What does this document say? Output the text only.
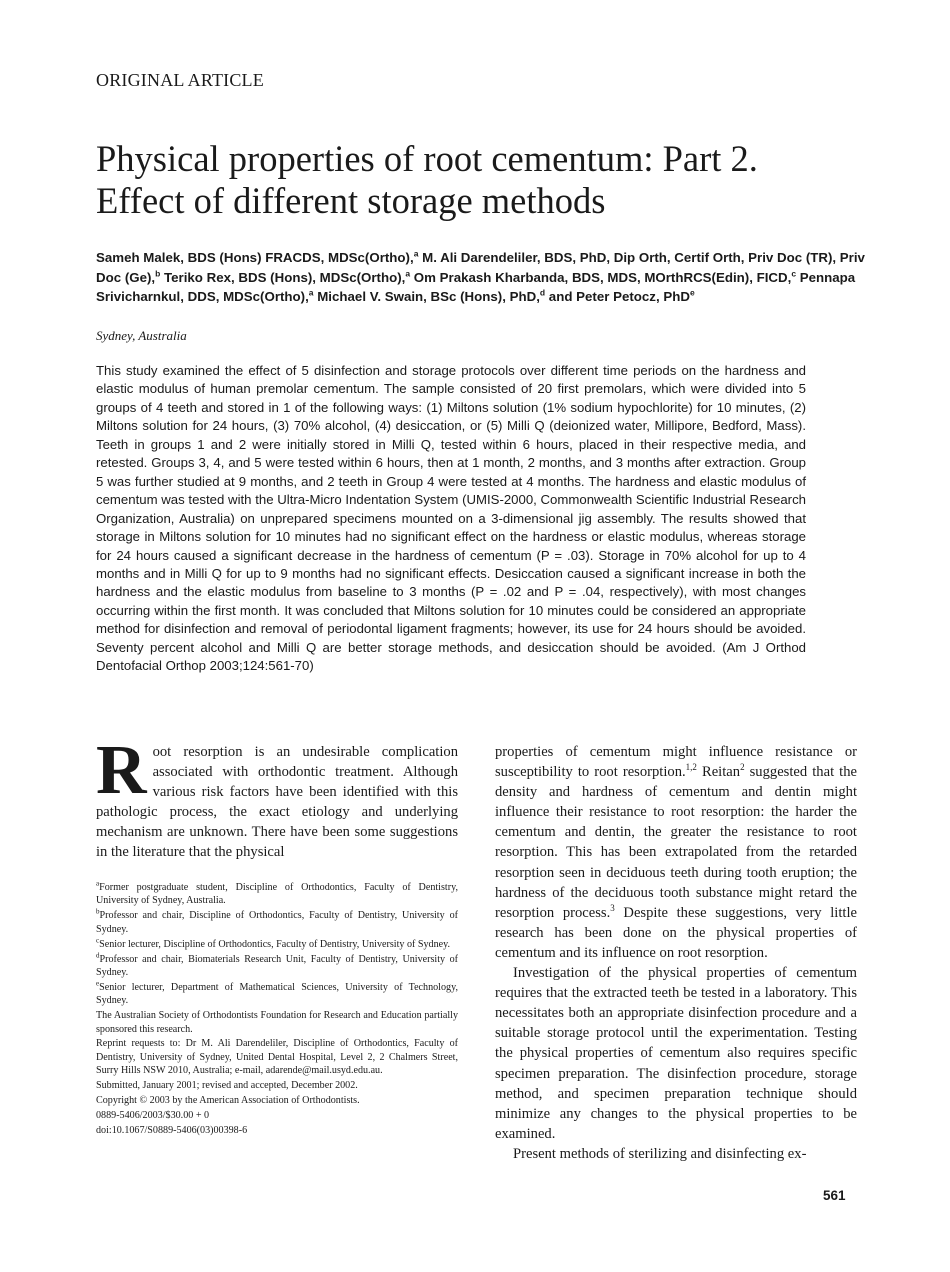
ORIGINAL ARTICLE
Physical properties of root cementum: Part 2.
Effect of different storage methods
Sameh Malek, BDS (Hons) FRACDS, MDSc(Ortho),$^a$ M. Ali Darendeliler, BDS, PhD, Dip Orth, Certif Orth, Priv Doc (TR), Priv Doc (Ge),$^b$ Teriko Rex, BDS (Hons), MDSc(Ortho),$^a$ Om Prakash Kharbanda, BDS, MDS, MOrthRCS(Edin), FICD,$^c$ Pennapa Srivicharnkul, DDS, MDSc(Ortho),$^a$ Michael V. Swain, BSc (Hons), PhD,$^d$ and Peter Petocz, PhD$^e$
Sydney, Australia

This study examined the effect of 5 disinfection and storage protocols over different time periods on the hardness and elastic modulus of human premolar cementum. The sample consisted of 20 first premolars, which were divided into 5 groups of 4 teeth and stored in 1 of the following ways: (1) Miltons solution (1% sodium hypochlorite) for 10 minutes, (2) Miltons solution for 24 hours, (3) 70% alcohol, (4) desiccation, or (5) Milli Q (deionized water, Millipore, Bedford, Mass). Teeth in groups 1 and 2 were initially stored in Milli Q, tested within 6 hours, placed in their respective media, and retested. Groups 3, 4, and 5 were tested within 6 hours, then at 1 month, 2 months, and 3 months after extraction. Group 5 was further studied at 9 months, and 2 teeth in Group 4 were tested at 4 months. The hardness and elastic modulus of cementum was tested with the Ultra-Micro Indentation System (UMIS-2000, Commonwealth Scientific Industrial Research Organization, Australia) on unprepared specimens mounted on a 3-dimensional jig assembly. The results showed that storage in Miltons solution for 10 minutes had no significant effect on the hardness or elastic modulus, whereas storage for 24 hours caused a significant decrease in the hardness of cementum (P = .03). Storage in 70% alcohol for up to 4 months and in Milli Q for up to 9 months had no significant effects. Desiccation caused a significant increase in both the hardness and the elastic modulus from baseline to 3 months (P = .02 and P = .04, respectively), with most changes occurring within the first month. It was concluded that Miltons solution for 10 minutes could be considered an appropriate method for disinfection and removal of periodontal ligament fragments; however, its use for 24 hours should be avoided. Seventy percent alcohol and Milli Q are better storage methods, and desiccation should be avoided. (Am J Orthod Dentofacial Orthop 2003;124:561-70)

Root resorption is an undesirable complication associated with orthodontic treatment. Although various risk factors have been identified with this pathologic process, the exact etiology and underlying mechanism are unknown. There have been some suggestions in the literature that the physical

$^a$Former postgraduate student, Discipline of Orthodontics, Faculty of Dentistry, University of Sydney, Australia.

$^b$Professor and chair, Discipline of Orthodontics, Faculty of Dentistry, University of Sydney.

$^c$Senior lecturer, Discipline of Orthodontics, Faculty of Dentistry, University of Sydney.

$^d$Professor and chair, Biomaterials Research Unit, Faculty of Dentistry, University of Sydney.

$^e$Senior lecturer, Department of Mathematical Sciences, University of Technology, Sydney.

The Australian Society of Orthodontists Foundation for Research and Education partially sponsored this research.

Reprint requests to: Dr M. Ali Darendeliler, Discipline of Orthodontics, Faculty of Dentistry, University of Sydney, United Dental Hospital, Level 2, 2 Chalmers Street, Surry Hills NSW 2010, Australia; e-mail, adarende@mail.usyd.edu.au.

Submitted, January 2001; revised and accepted, December 2002.

Copyright © 2003 by the American Association of Orthodontists.

0889-5406/2003/$30.00 + 0

doi:10.1067/S0889-5406(03)00398-6

properties of cementum might influence resistance or susceptibility to root resorption.$^{1,2}$ Reitan$^2$ suggested that the density and hardness of cementum and dentin might influence their resistance to root resorption: the harder the cementum and dentin, the greater the resistance to root resorption. This has been extrapolated from the retarded resorption seen in deciduous teeth during tooth eruption; the hardness of the deciduous tooth substance might retard the resorption process.$^3$ Despite these suggestions, very little research has been done on the physical properties of cementum and its influence on root resorption.

Investigation of the physical properties of cementum requires that the extracted teeth be tested in a laboratory. This necessitates both an appropriate disinfection procedure and a suitable storage protocol until the experimentation. Testing the physical properties of cementum also requires specific specimen preparation. The disinfection procedure, storage method, and specimen preparation technique should minimize any changes to the physical properties to be examined.

Present methods of sterilizing and disinfecting ex-

561
